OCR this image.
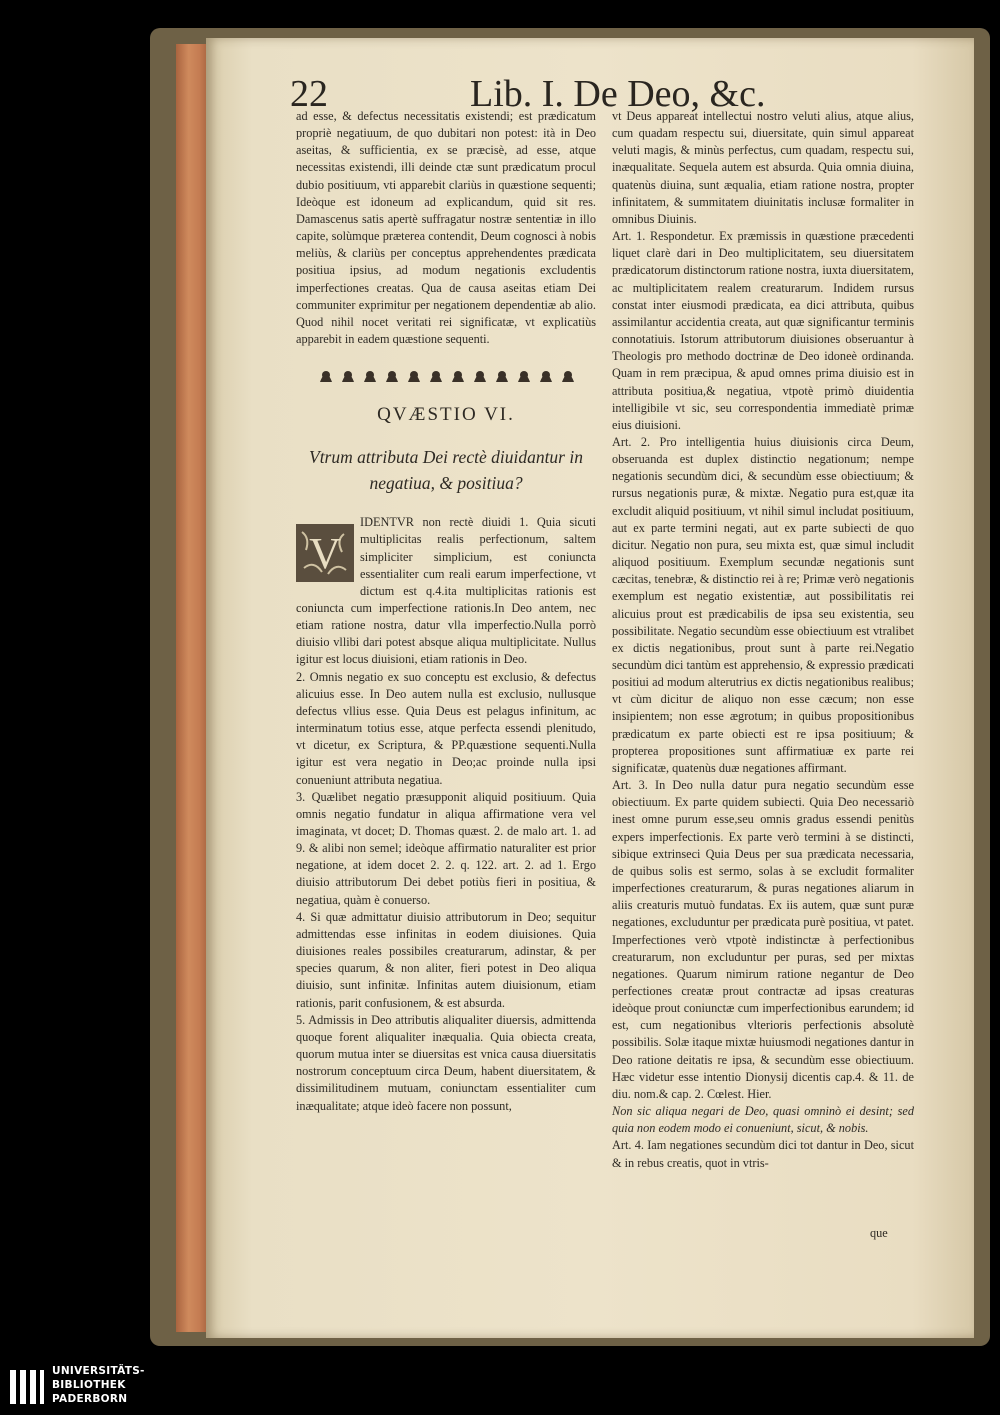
22	Lib. I. De Deo, &c.

ad esse, & defectus necessitatis existendi; est prædicatum propriè negatiuum, de quo dubitari non potest: ità in Deo aseitas, & sufficientia, ex se præcisè, ad esse, atque necessitas existendi, illi deinde ctæ sunt prædicatum procul dubio positiuum, vti apparebit clariùs in quæstione sequenti; Ideòque est idoneum ad explicandum, quid sit res. Damascenus satis apertè suffragatur nostræ sententiæ in illo capite, solùmque præterea contendit, Deum cognosci à nobis meliùs, & clariùs per conceptus apprehendentes prædicata positiua ipsius, ad modum negationis excludentis imperfectiones creatas. Qua de causa aseitas etiam Dei communiter exprimitur per negationem dependentiæ ab alio. Quod nihil nocet veritati rei significatæ, vt explicatiùs apparebit in eadem quæstione sequenti.

QVÆSTIO VI.
Vtrum attributa Dei rectè diuidantur in negatiua, & positiua?
V

IDENTVR non rectè diuidi 1. Quia sicuti multiplicitas realis perfectionum, saltem simpliciter simplicium, est coniuncta essentialiter cum reali earum imperfectione, vt dictum est q.4.ita multiplicitas rationis est coniuncta cum imperfectione rationis.In Deo antem, nec etiam ratione nostra, datur vlla imperfectio.Nulla porrò diuisio vllibi dari potest absque aliqua multiplicitate. Nullus igitur est locus diuisioni, etiam rationis in Deo.

2. Omnis negatio ex suo conceptu est exclusio, & defectus alicuius esse. In Deo autem nulla est exclusio, nullusque defectus vllius esse. Quia Deus est pelagus infinitum, ac interminatum totius esse, atque perfecta essendi plenitudo, vt dicetur, ex Scriptura, & PP.quæstione sequenti.Nulla igitur est vera negatio in Deo;ac proinde nulla ipsi conueniunt attributa negatiua.

3. Quælibet negatio præsupponit aliquid positiuum. Quia omnis negatio fundatur in aliqua affirmatione vera vel imaginata, vt docet; D. Thomas quæst. 2. de malo art. 1. ad 9. & alibi non semel; ideòque affirmatio naturaliter est prior negatione, at idem docet 2. 2. q. 122. art. 2. ad 1. Ergo diuisio attributorum Dei debet potiùs fieri in positiua, & negatiua, quàm è conuerso.

4. Si quæ admittatur diuisio attributorum in Deo; sequitur admittendas esse infinitas in eodem diuisiones. Quia diuisiones reales possibiles creaturarum, adinstar, & per species quarum, & non aliter, fieri potest in Deo aliqua diuisio, sunt infinitæ. Infinitas autem diuisionum, etiam rationis, parit confusionem, & est absurda.

5. Admissis in Deo attributis aliqualiter diuersis, admittenda quoque forent aliqualiter inæqualia. Quia obiecta creata, quorum mutua inter se diuersitas est vnica causa diuersitatis nostrorum conceptuum circa Deum, habent diuersitatem, & dissimilitudinem mutuam, coniunctam essentialiter cum inæqualitate; atque ideò facere non possunt,

vt Deus appareat intellectui nostro veluti alius, atque alius, cum quadam respectu sui, diuersitate, quin simul appareat veluti magis, & minùs perfectus, cum quadam, respectu sui, inæqualitate. Sequela autem est absurda. Quia omnia diuina, quatenùs diuina, sunt æqualia, etiam ratione nostra, propter infinitatem, & summitatem diuinitatis inclusæ formaliter in omnibus Diuinis.

Art. 1. Respondetur. Ex præmissis in quæstione præcedenti liquet clarè dari in Deo multiplicitatem, seu diuersitatem prædicatorum distinctorum ratione nostra, iuxta diuersitatem, ac multiplicitatem realem creaturarum. Indidem rursus constat inter eiusmodi prædicata, ea dici attributa, quibus assimilantur accidentia creata, aut quæ significantur terminis connotatiuis. Istorum attributorum diuisiones obseruantur à Theologis pro methodo doctrinæ de Deo idoneè ordinanda. Quam in rem præcipua, & apud omnes prima diuisio est in attributa positiua,& negatiua, vtpotè primò diuidentia intelligibile vt sic, seu correspondentia immediatè primæ eius diuisioni.

Art. 2. Pro intelligentia huius diuisionis circa Deum, obseruanda est duplex distinctio negationum; nempe negationis secundùm dici, & secundùm esse obiectiuum; & rursus negationis puræ, & mixtæ. Negatio pura est,quæ ita excludit aliquid positiuum, vt nihil simul includat positiuum, aut ex parte termini negati, aut ex parte subiecti de quo dicitur. Negatio non pura, seu mixta est, quæ simul includit aliquod positiuum. Exemplum secundæ negationis sunt cæcitas, tenebræ, & distinctio rei à re; Primæ verò negationis exemplum est negatio existentiæ, aut possibilitatis rei alicuius prout est prædicabilis de ipsa seu existentia, seu possibilitate. Negatio secundùm esse obiectiuum est vtralibet ex dictis negationibus, prout sunt à parte rei.Negatio secundùm dici tantùm est apprehensio, & expressio prædicati positiui ad modum alterutrius ex dictis negationibus realibus; vt cùm dicitur de aliquo non esse cæcum; non esse insipientem; non esse ægrotum; in quibus propositionibus prædicatum ex parte obiecti est re ipsa positiuum; & propterea propositiones sunt affirmatiuæ ex parte rei significatæ, quatenùs duæ negationes affirmant.

Art. 3. In Deo nulla datur pura negatio secundùm esse obiectiuum. Ex parte quidem subiecti. Quia Deo necessariò inest omne purum esse,seu omnis gradus essendi penitùs expers imperfectionis. Ex parte verò termini à se distincti, sibique extrinseci Quia Deus per sua prædicata necessaria, de quibus solis est sermo, solas à se excludit formaliter imperfectiones creaturarum, & puras negationes aliarum in aliis creaturis mutuò fundatas. Ex iis autem, quæ sunt puræ negationes, excluduntur per prædicata purè positiua, vt patet. Imperfectiones verò vtpotè indistinctæ à perfectionibus creaturarum, non excluduntur per puras, sed per mixtas negationes. Quarum nimirum ratione negantur de Deo perfectiones creatæ prout contractæ ad ipsas creaturas ideòque prout coniunctæ cum imperfectionibus earundem; id est, cum negationibus vlterioris perfectionis absolutè possibilis. Solæ itaque mixtæ huiusmodi negationes dantur in Deo ratione deitatis re ipsa, & secundùm esse obiectiuum. Hæc videtur esse intentio Dionysij dicentis cap.4. & 11. de diu. nom.& cap. 2. Cœlest. Hier.

Non sic aliqua negari de Deo, quasi omninò ei desint; sed quia non eodem modo ei conueniunt, sicut, & nobis.

Art. 4. Iam negationes secundùm dici tot dantur in Deo, sicut & in rebus creatis, quot in vtris-

que
UNIVERSITÄTS-
BIBLIOTHEK
PADERBORN
